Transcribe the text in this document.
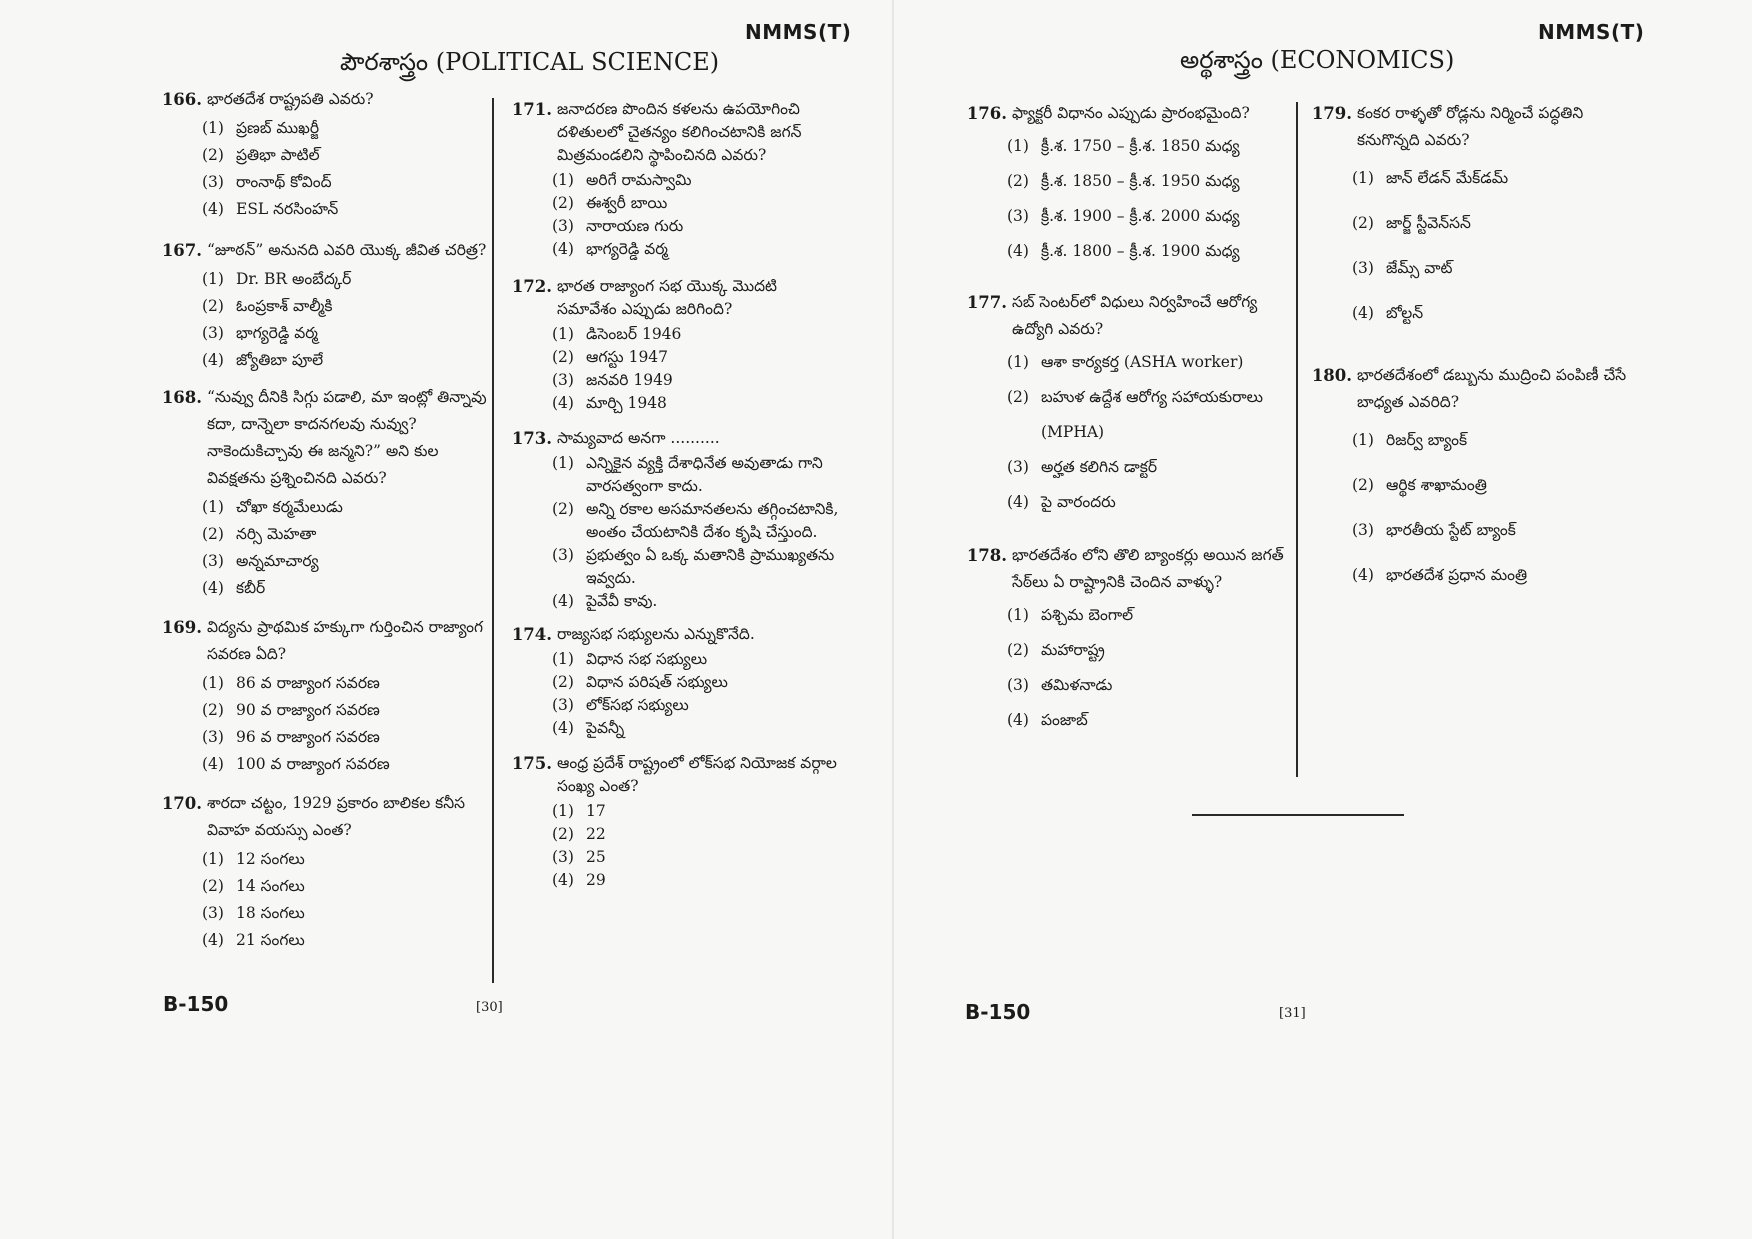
NMMS(T)
పౌరశాస్త్రం (POLITICAL SCIENCE)
166. భారతదేశ రాష్ట్రపతి ఎవరు?
(1) ప్రణబ్ ముఖర్జీ
(2) ప్రతిభా పాటిల్
(3) రాంనాథ్ కోవింద్
(4) ESL నరసింహన్
167. “జూఠన్” అనునది ఎవరి యొక్క జీవిత చరిత్ర?
(1) Dr. BR అంబేద్కర్
(2) ఓంప్రకాశ్ వాల్మీకి
(3) భాగ్యరెడ్డి వర్మ
(4) జ్యోతిబా పూలే
168. “నువ్వు దీనికి సిగ్గు పడాలి, మా ఇంట్లో తిన్నావు కదా, దాన్నెలా కాదనగలవు నువ్వు? నాకెందుకిచ్చావు ఈ జన్మని?” అని కుల వివక్షతను ప్రశ్నించినది ఎవరు?
(1) చోఖా కర్మమేలుడు
(2) నర్సి మెహతా
(3) అన్నమాచార్య
(4) కబీర్
169. విద్యను ప్రాథమిక హక్కుగా గుర్తించిన రాజ్యాంగ సవరణ ఏది?
(1) 86 వ రాజ్యాంగ సవరణ
(2) 90 వ రాజ్యాంగ సవరణ
(3) 96 వ రాజ్యాంగ సవరణ
(4) 100 వ రాజ్యాంగ సవరణ
170. శారదా చట్టం, 1929 ప్రకారం బాలికల కనీస వివాహ వయస్సు ఎంత?
(1) 12 సంగలు
(2) 14 సంగలు
(3) 18 సంగలు
(4) 21 సంగలు
171. జనాదరణ పొందిన కళలను ఉపయోగించి దళితులలో చైతన్యం కలిగించటానికి జగన్ మిత్రమండలిని స్థాపించినది ఎవరు?
(1) అరిగే రామస్వామి
(2) ఈశ్వరీ బాయి
(3) నారాయణ గురు
(4) భాగ్యరెడ్డి వర్మ
172. భారత రాజ్యాంగ సభ యొక్క మొదటి సమావేశం ఎప్పుడు జరిగింది?
(1) డిసెంబర్ 1946
(2) ఆగస్టు 1947
(3) జనవరి 1949
(4) మార్చి 1948
173. సామ్యవాద అనగా ..........
(1) ఎన్నికైన వ్యక్తి దేశాధినేత అవుతాడు గాని వారసత్వంగా కాదు.
(2) అన్ని రకాల అసమానతలను తగ్గించటానికి, అంతం చేయటానికి దేశం కృషి చేస్తుంది.
(3) ప్రభుత్వం ఏ ఒక్క మతానికి ప్రాముఖ్యతను ఇవ్వదు.
(4) పైవేవీ కావు.
174. రాజ్యసభ సభ్యులను ఎన్నుకొనేది.
(1) విధాన సభ సభ్యులు
(2) విధాన పరిషత్ సభ్యులు
(3) లోక్‌సభ సభ్యులు
(4) పైవన్నీ
175. ఆంధ్ర ప్రదేశ్ రాష్ట్రంలో లోక్‌సభ నియోజక వర్గాల సంఖ్య ఎంత?
(1) 17
(2) 22
(3) 25
(4) 29
B-150	[30]
NMMS(T)
అర్థశాస్త్రం (ECONOMICS)
176. ఫ్యాక్టరీ విధానం ఎప్పుడు ప్రారంభమైంది?
(1) క్రీ.శ. 1750 – క్రీ.శ. 1850 మధ్య
(2) క్రీ.శ. 1850 – క్రీ.శ. 1950 మధ్య
(3) క్రీ.శ. 1900 – క్రీ.శ. 2000 మధ్య
(4) క్రీ.శ. 1800 – క్రీ.శ. 1900 మధ్య
177. సబ్ సెంటర్‌లో విధులు నిర్వహించే ఆరోగ్య ఉద్యోగి ఎవరు?
(1) ఆశా కార్యకర్త (ASHA worker)
(2) బహుళ ఉద్దేశ ఆరోగ్య సహాయకురాలు (MPHA)
(3) అర్హత కలిగిన డాక్టర్
(4) పై వారందరు
178. భారతదేశం లోని తొలి బ్యాంకర్లు అయిన జగత్ సేఠ్‌లు ఏ రాష్ట్రానికి చెందిన వాళ్ళు?
(1) పశ్చిమ బెంగాల్
(2) మహారాష్ట్ర
(3) తమిళనాడు
(4) పంజాబ్
179. కంకర రాళ్ళతో రోడ్లను నిర్మించే పద్ధతిని కనుగొన్నది ఎవరు?
(1) జాన్ లేడన్ మేక్‌డమ్
(2) జార్జ్ స్టీవెన్‌సన్
(3) జేమ్స్ వాట్
(4) బోల్టన్
180. భారతదేశంలో డబ్బును ముద్రించి పంపిణీ చేసే బాధ్యత ఎవరిది?
(1) రిజర్వ్ బ్యాంక్
(2) ఆర్థిక శాఖామంత్రి
(3) భారతీయ స్టేట్ బ్యాంక్
(4) భారతదేశ ప్రధాన మంత్రి
B-150	[31]
